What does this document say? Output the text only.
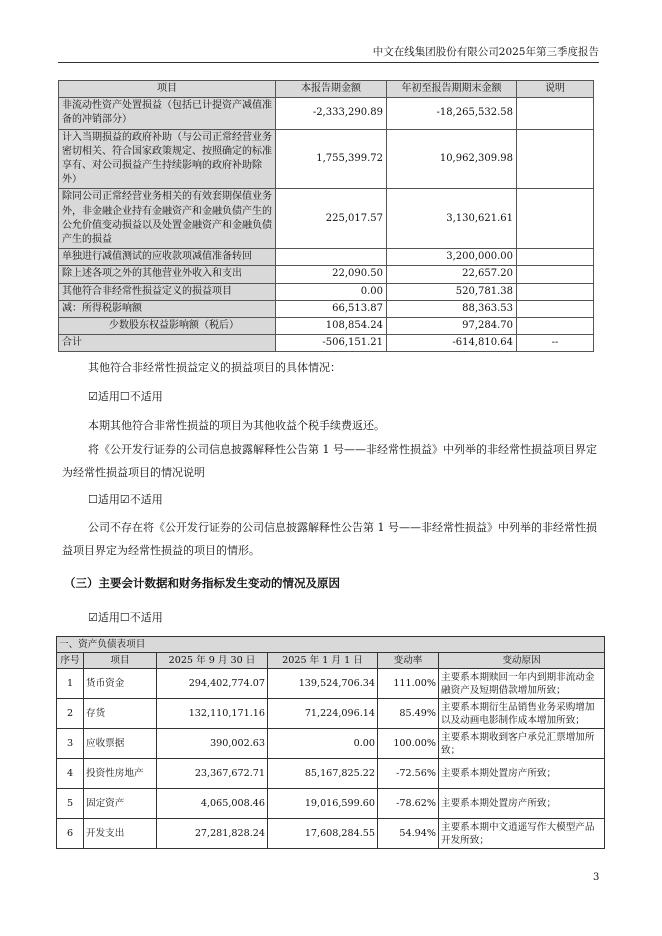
中文在线集团股份有限公司2025年第三季度报告
项目	本报告期金额	年初至报告期期末金额	说明
非流动性资产处置损益（包括已计提资产减值准备的冲销部分）	-2,333,290.89	-18,265,532.58	
计入当期损益的政府补助（与公司正常经营业务密切相关、符合国家政策规定、按照确定的标准享有、对公司损益产生持续影响的政府补助除外）	1,755,399.72	10,962,309.98	
除同公司正常经营业务相关的有效套期保值业务外，非金融企业持有金融资产和金融负债产生的公允价值变动损益以及处置金融资产和金融负债产生的损益	225,017.57	3,130,621.61	
单独进行减值测试的应收款项减值准备转回		3,200,000.00	
除上述各项之外的其他营业外收入和支出	22,090.50	22,657.20	
其他符合非经常性损益定义的损益项目	0.00	520,781.38	
减：所得税影响额	66,513.87	88,363.53	
少数股东权益影响额（税后）	108,854.24	97,284.70	
合计	-506,151.21	-614,810.64	--
其他符合非经常性损益定义的损益项目的具体情况：
☑适用☐不适用
本期其他符合非常性损益的项目为其他收益个税手续费返还。
将《公开发行证券的公司信息披露解释性公告第 1 号——非经常性损益》中列举的非经常性损益项目界定为经常性损益项目的情况说明
☐适用☑不适用
公司不存在将《公开发行证券的公司信息披露解释性公告第 1 号——非经常性损益》中列举的非经常性损益项目界定为经常性损益的项目的情形。
（三）主要会计数据和财务指标发生变动的情况及原因
☑适用☐不适用
一、资产负债表项目					
序号	项目	2025 年 9 月 30 日	2025 年 1 月 1 日	变动率	变动原因
1	货币资金	294,402,774.07	139,524,706.34	111.00%	主要系本期赎回一年内到期非流动金融资产及短期借款增加所致；
2	存货	132,110,171.16	71,224,096.14	85.49%	主要系本期衍生品销售业务采购增加以及动画电影制作成本增加所致；
3	应收票据	390,002.63	0.00	100.00%	主要系本期收到客户承兑汇票增加所致；
4	投资性房地产	23,367,672.71	85,167,825.22	-72.56%	主要系本期处置房产所致；
5	固定资产	4,065,008.46	19,016,599.60	-78.62%	主要系本期处置房产所致；
6	开发支出	27,281,828.24	17,608,284.55	54.94%	主要系本期中文逍遥写作大模型产品开发所致；
3
